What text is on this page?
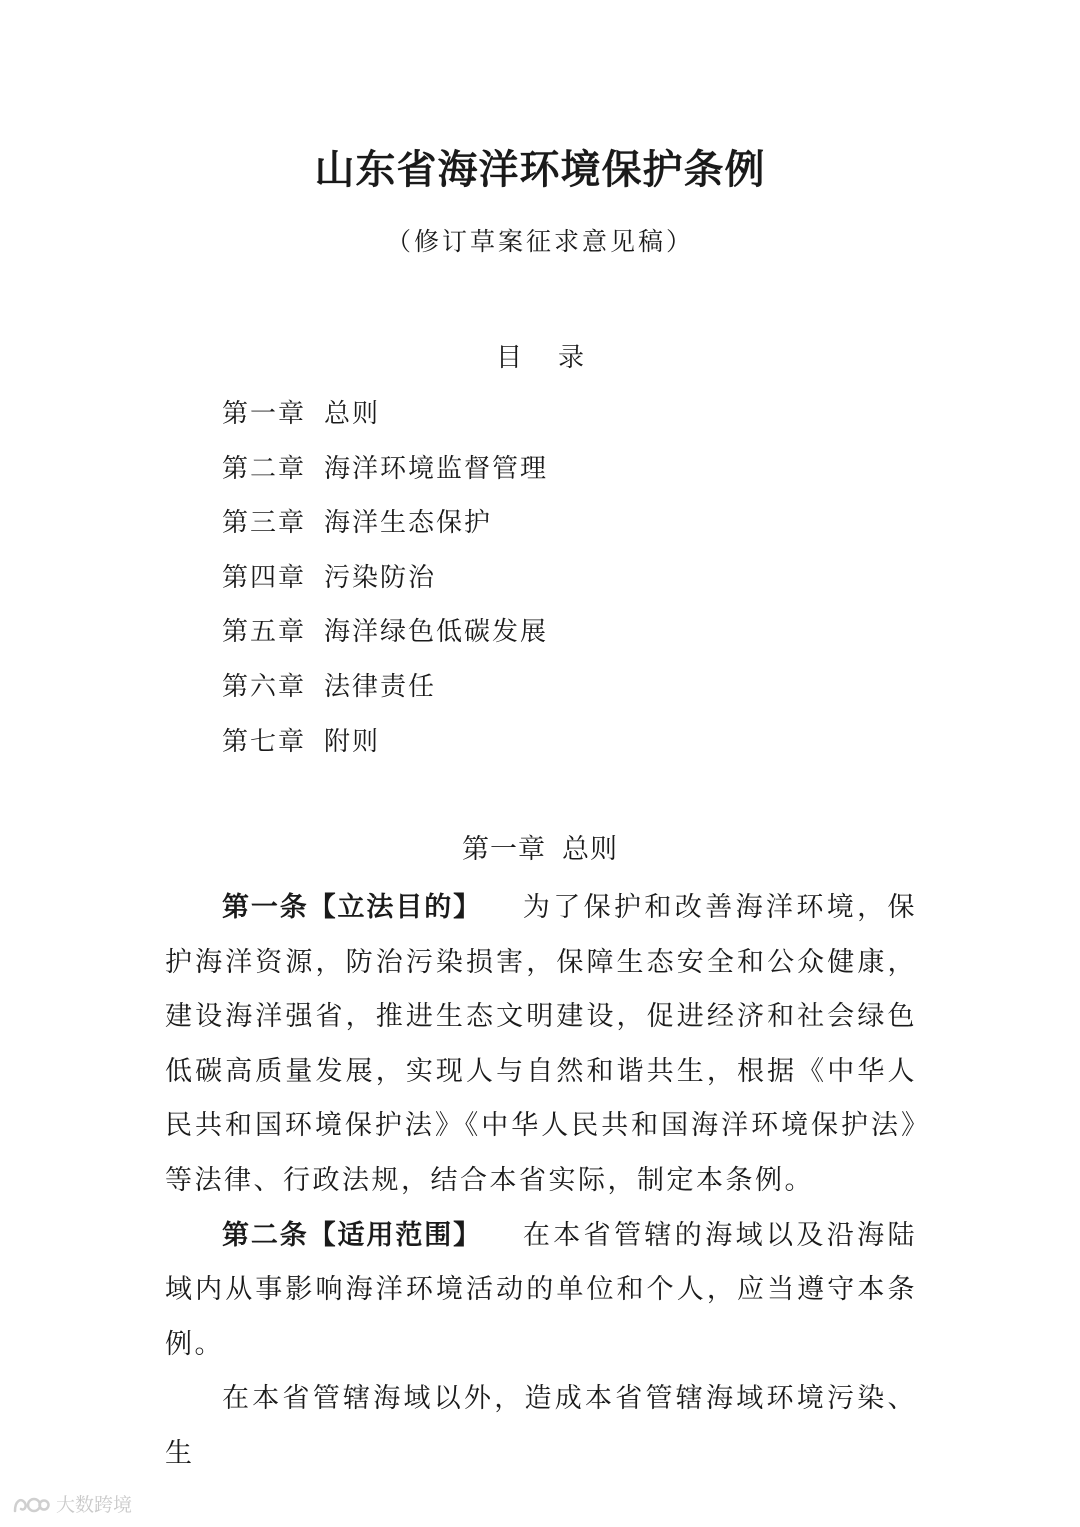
山东省海洋环境保护条例
（修订草案征求意见稿）
目 录
第一章 总则
第二章 海洋环境监督管理
第三章 海洋生态保护
第四章 污染防治
第五章 海洋绿色低碳发展
第六章 法律责任
第七章 附则
第一章 总则

第一条【立法目的】 为了保护和改善海洋环境，保护海洋资源，防治污染损害，保障生态安全和公众健康，建设海洋强省，推进生态文明建设，促进经济和社会绿色低碳高质量发展，实现人与自然和谐共生，根据《中华人民共和国环境保护法》《中华人民共和国海洋环境保护法》等法律、行政法规，结合本省实际，制定本条例。

第二条【适用范围】 在本省管辖的海域以及沿海陆域内从事影响海洋环境活动的单位和个人，应当遵守本条例。

在本省管辖海域以外，造成本省管辖海域环境污染、生

大数跨境
